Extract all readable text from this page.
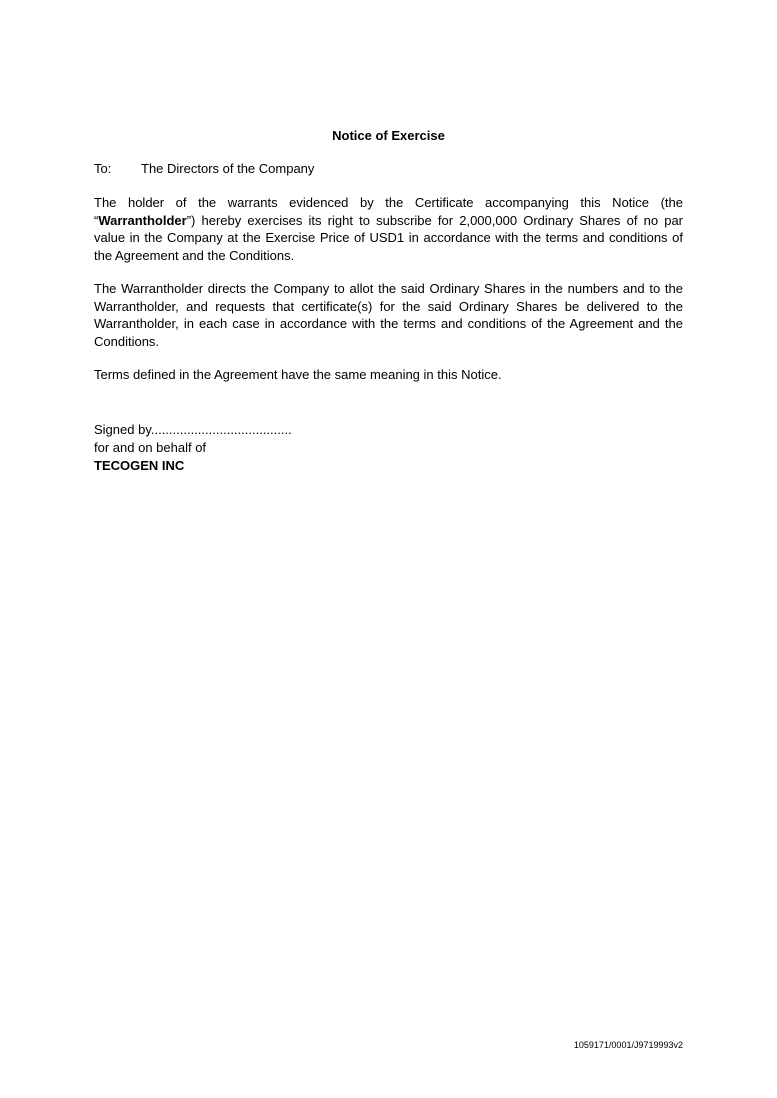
Notice of Exercise
To: The Directors of the Company
The holder of the warrants evidenced by the Certificate accompanying this Notice (the “Warrantholder”) hereby exercises its right to subscribe for 2,000,000 Ordinary Shares of no par value in the Company at the Exercise Price of USD1 in accordance with the terms and conditions of the Agreement and the Conditions.
The Warrantholder directs the Company to allot the said Ordinary Shares in the numbers and to the Warrantholder, and requests that certificate(s) for the said Ordinary Shares be delivered to the Warrantholder, in each case in accordance with the terms and conditions of the Agreement and the Conditions.
Terms defined in the Agreement have the same meaning in this Notice.
Signed by.......................................
for and on behalf of
TECOGEN INC
1059171/0001/J9719993v2
